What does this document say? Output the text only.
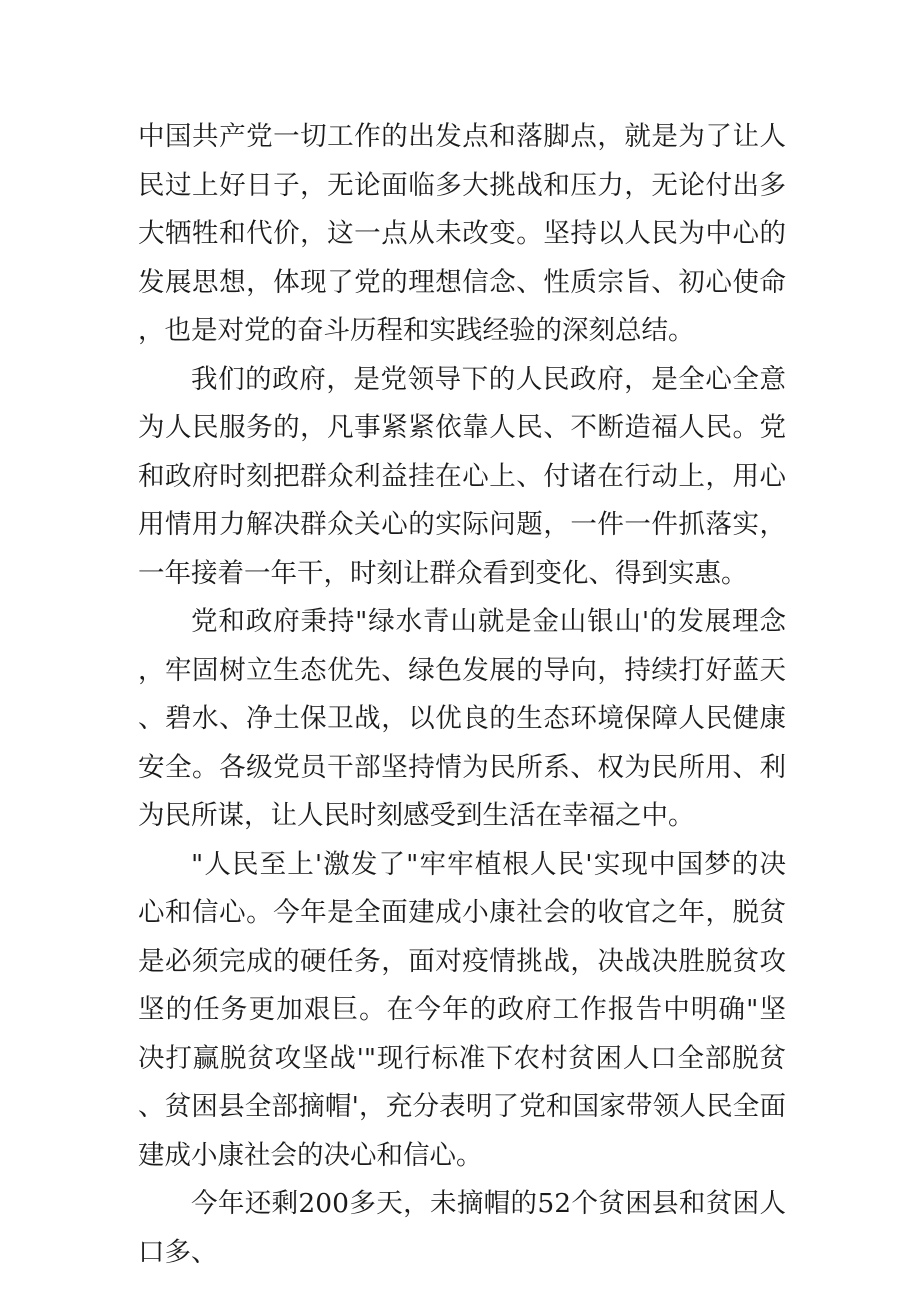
中国共产党一切工作的出发点和落脚点，就是为了让人民过上好日子，无论面临多大挑战和压力，无论付出多大牺牲和代价，这一点从未改变。坚持以人民为中心的发展思想，体现了党的理想信念、性质宗旨、初心使命，也是对党的奋斗历程和实践经验的深刻总结。

我们的政府，是党领导下的人民政府，是全心全意为人民服务的，凡事紧紧依靠人民、不断造福人民。党和政府时刻把群众利益挂在心上、付诸在行动上，用心用情用力解决群众关心的实际问题，一件一件抓落实，一年接着一年干，时刻让群众看到变化、得到实惠。

党和政府秉持"绿水青山就是金山银山'的发展理念，牢固树立生态优先、绿色发展的导向，持续打好蓝天、碧水、净土保卫战，以优良的生态环境保障人民健康安全。各级党员干部坚持情为民所系、权为民所用、利为民所谋，让人民时刻感受到生活在幸福之中。

"人民至上'激发了"牢牢植根人民'实现中国梦的决心和信心。今年是全面建成小康社会的收官之年，脱贫是必须完成的硬任务，面对疫情挑战，决战决胜脱贫攻坚的任务更加艰巨。在今年的政府工作报告中明确"坚决打赢脱贫攻坚战'"现行标准下农村贫困人口全部脱贫、贫困县全部摘帽'，充分表明了党和国家带领人民全面建成小康社会的决心和信心。

今年还剩200多天，未摘帽的52个贫困县和贫困人口多、
